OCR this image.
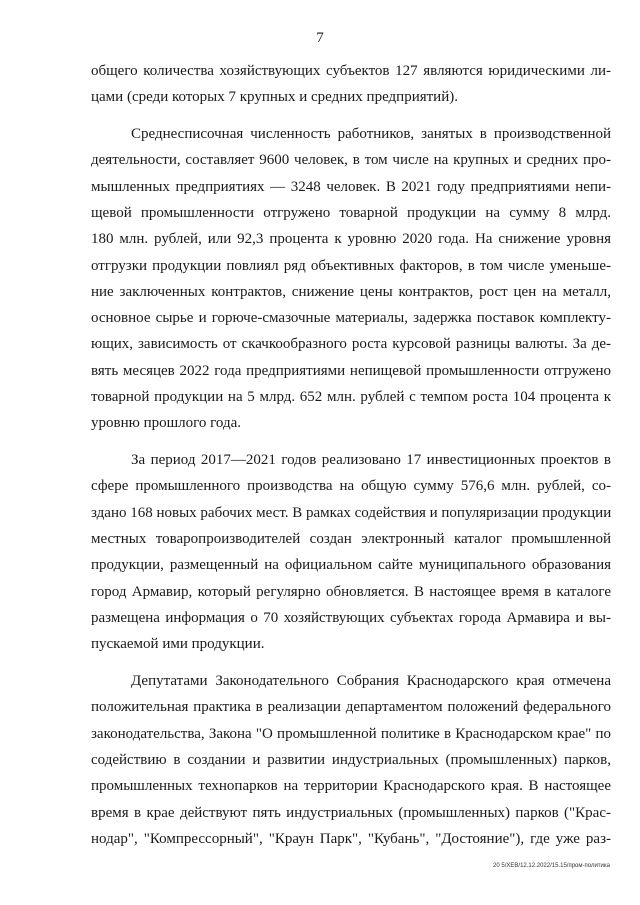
7
общего количества хозяйствующих субъектов 127 являются юридическими ли-
цами (среди которых 7 крупных и средних предприятий).
Среднесписочная численность работников, занятых в производственной
деятельности, составляет 9600 человек, в том числе на крупных и средних про-
мышленных предприятиях — 3248 человек. В 2021 году предприятиями непи-
щевой промышленности отгружено товарной продукции на сумму 8 млрд.
180 млн. рублей, или 92,3 процента к уровню 2020 года. На снижение уровня
отгрузки продукции повлиял ряд объективных факторов, в том числе уменьше-
ние заключенных контрактов, снижение цены контрактов, рост цен на металл,
основное сырье и горюче-смазочные материалы, задержка поставок комплекту-
ющих, зависимость от скачкообразного роста курсовой разницы валюты. За де-
вять месяцев 2022 года предприятиями непищевой промышленности отгружено
товарной продукции на 5 млрд. 652 млн. рублей с темпом роста 104 процента к
уровню прошлого года.
За период 2017—2021 годов реализовано 17 инвестиционных проектов в
сфере промышленного производства на общую сумму 576,6 млн. рублей, со-
здано 168 новых рабочих мест. В рамках содействия и популяризации продукции
местных товаропроизводителей создан электронный каталог промышленной
продукции, размещенный на официальном сайте муниципального образования
город Армавир, который регулярно обновляется. В настоящее время в каталоге
размещена информация о 70 хозяйствующих субъектах города Армавира и вы-
пускаемой ими продукции.
Депутатами Законодательного Собрания Краснодарского края отмечена
положительная практика в реализации департаментом положений федерального
законодательства, Закона "О промышленной политике в Краснодарском крае" по
содействию в создании и развитии индустриальных (промышленных) парков,
промышленных технопарков на территории Краснодарского края. В настоящее
время в крае действуют пять индустриальных (промышленных) парков ("Крас-
нодар", "Компрессорный", "Краун Парк", "Кубань", "Достояние"), где уже раз-
20 5/ХЕВ/12.12.2022/15.15/пром-политика
